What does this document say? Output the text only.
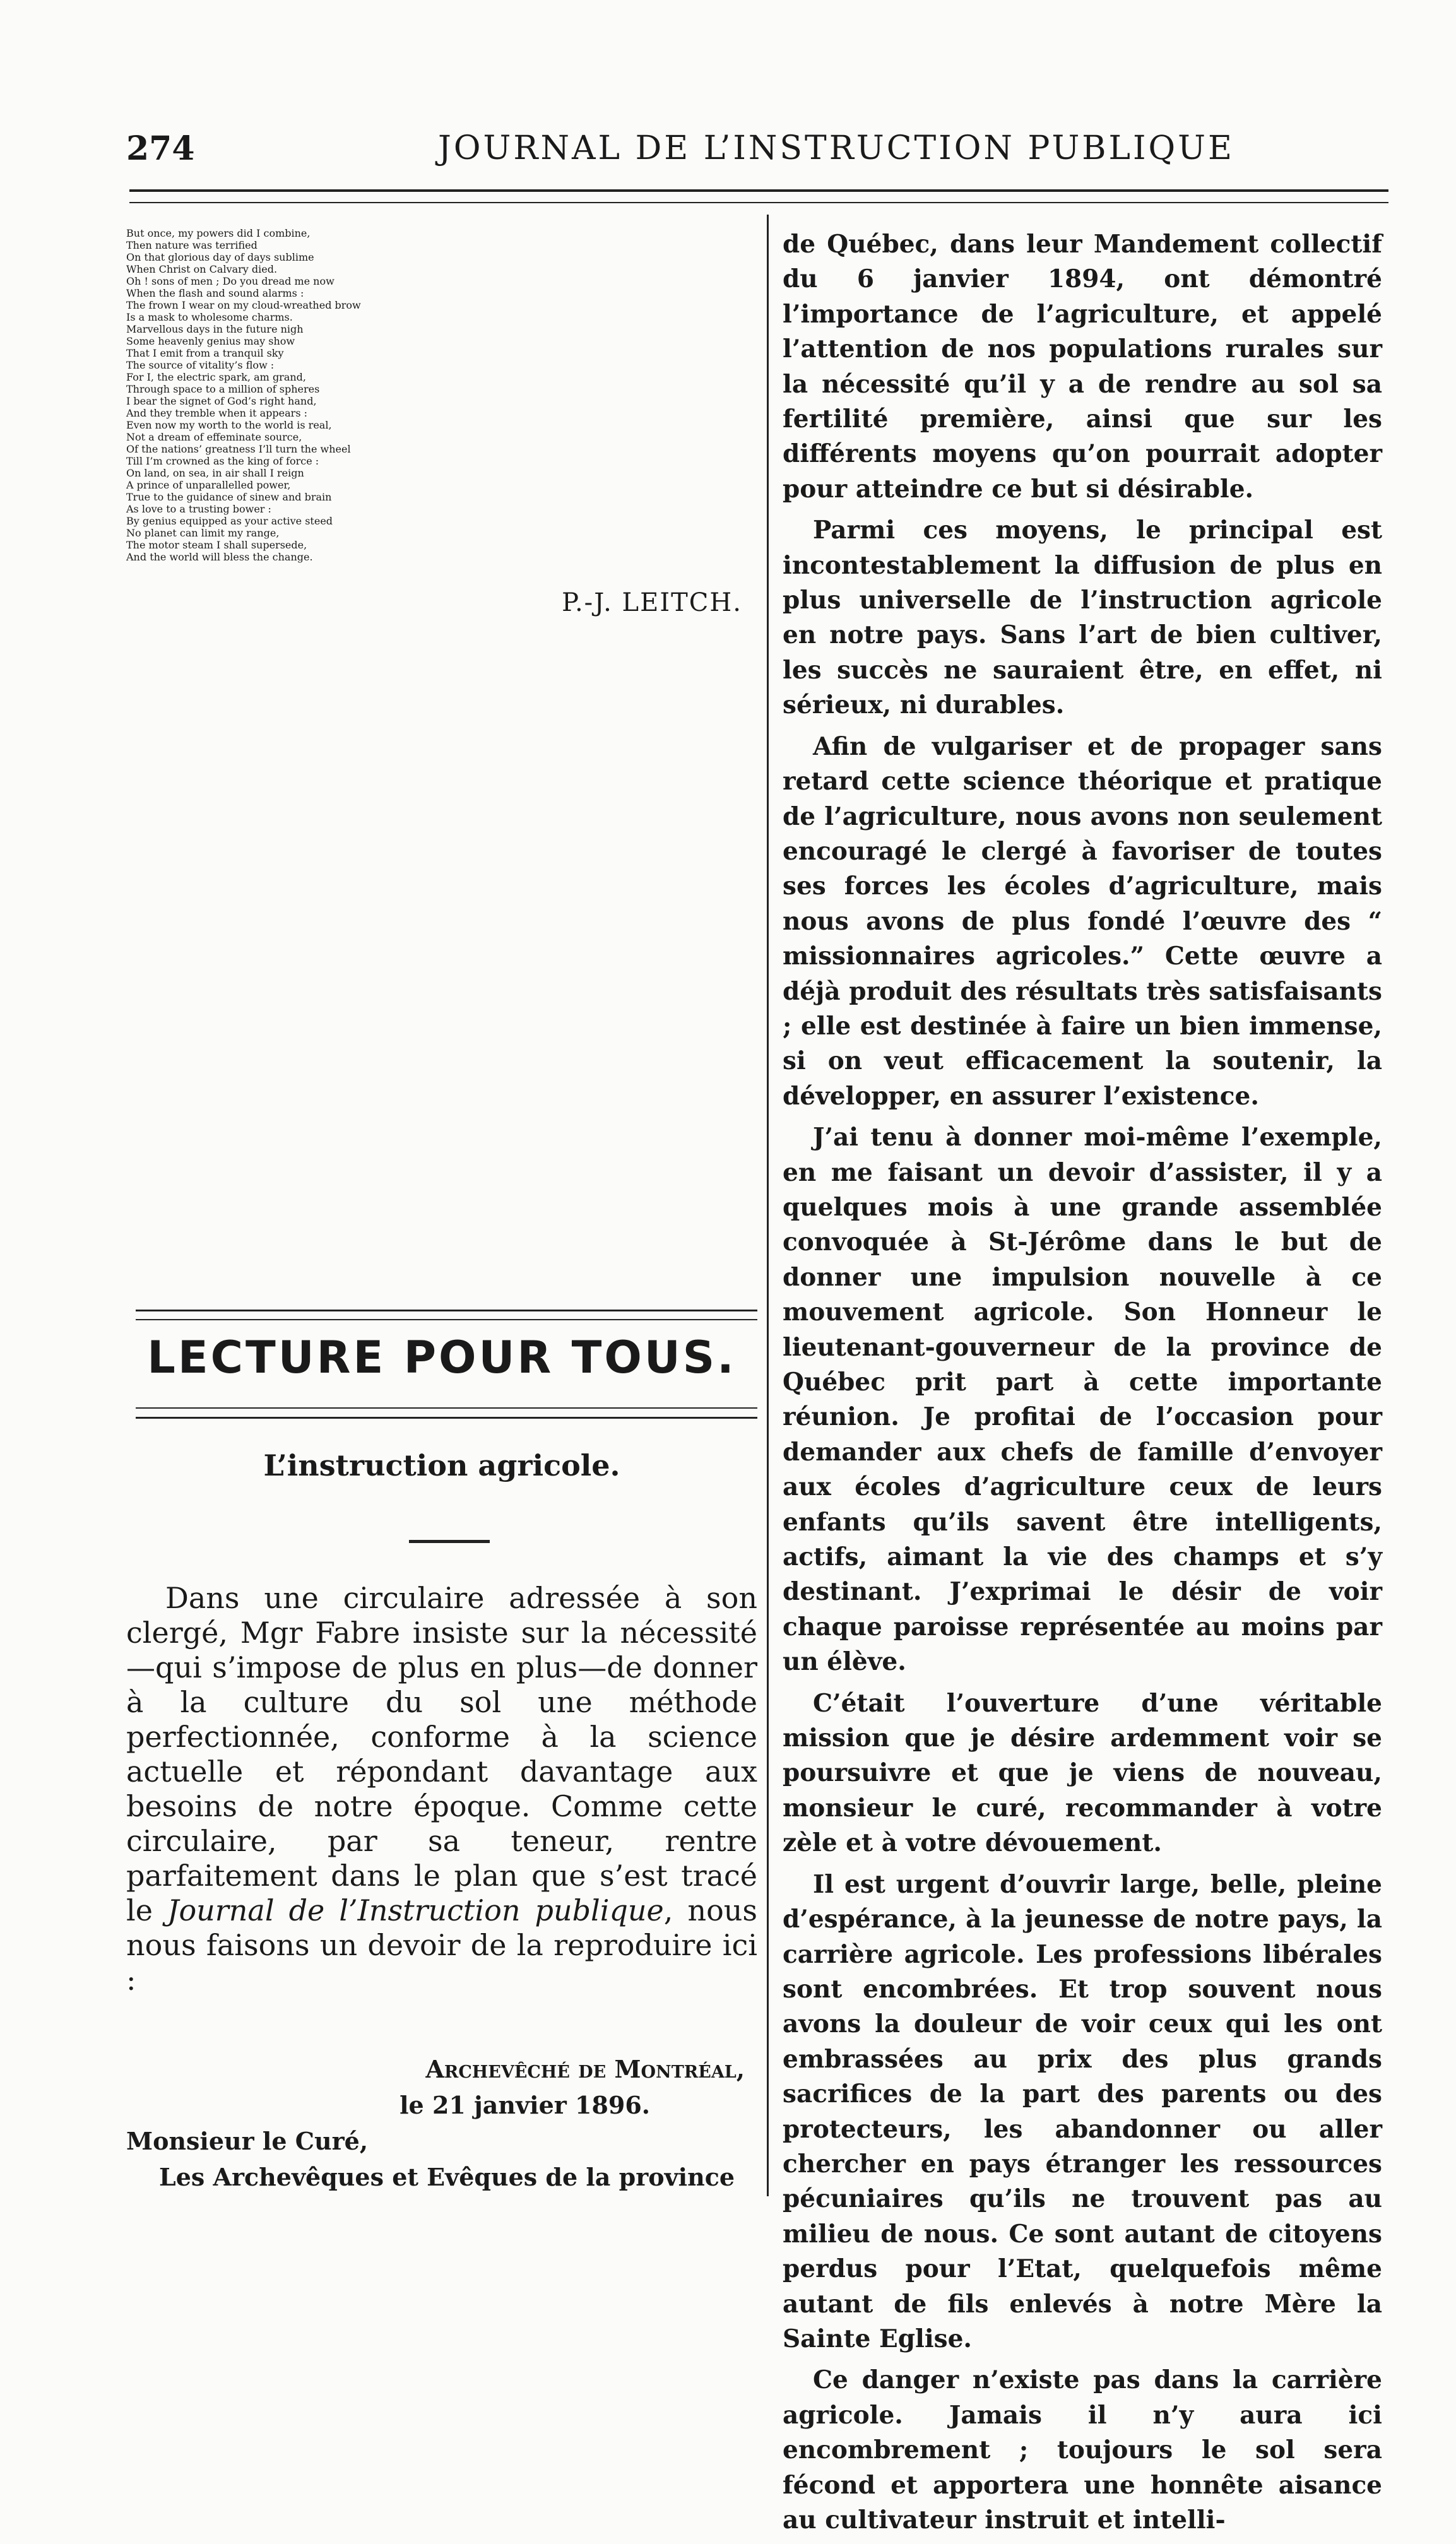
274	JOURNAL DE L’INSTRUCTION PUBLIQUE
But once, my powers did I combine,
Then nature was terrified
On that glorious day of days sublime
When Christ on Calvary died.
Oh ! sons of men ; Do you dread me now
When the flash and sound alarms :
The frown I wear on my cloud-wreathed brow
Is a mask to wholesome charms.
Marvellous days in the future nigh
Some heavenly genius may show
That I emit from a tranquil sky
The source of vitality’s flow :
For I, the electric spark, am grand,
Through space to a million of spheres
I bear the signet of God’s right hand,
And they tremble when it appears :
Even now my worth to the world is real,
Not a dream of effeminate source,
Of the nations’ greatness I’ll turn the wheel
Till I’m crowned as the king of force :
On land, on sea, in air shall I reign
A prince of unparallelled power,
True to the guidance of sinew and brain
As love to a trusting bower :
By genius equipped as your active steed
No planet can limit my range,
The motor steam I shall supersede,
And the world will bless the change.
P.-J. LEITCH.
LECTURE POUR TOUS.
L’instruction agricole.

Dans une circulaire adressée à son clergé, Mgr Fabre insiste sur la nécessité —qui s’impose de plus en plus—de donner à la culture du sol une méthode perfectionnée, conforme à la science actuelle et répondant davantage aux besoins de notre époque. Comme cette circulaire, par sa teneur, rentre parfaitement dans le plan que s’est tracé le Journal de l’Instruction publique, nous nous faisons un devoir de la reproduire ici :

Archevêché de Montréal,
le 21 janvier 1896.
Monsieur le Curé,
Les Archevêques et Evêques de la province

de Québec, dans leur Mandement collectif du 6 janvier 1894, ont démontré l’importance de l’agriculture, et appelé l’attention de nos populations rurales sur la nécessité qu’il y a de rendre au sol sa fertilité première, ainsi que sur les différents moyens qu’on pourrait adopter pour atteindre ce but si désirable.

Parmi ces moyens, le principal est incontestablement la diffusion de plus en plus universelle de l’instruction agricole en notre pays. Sans l’art de bien cultiver, les succès ne sauraient être, en effet, ni sérieux, ni durables.

Afin de vulgariser et de propager sans retard cette science théorique et pratique de l’agriculture, nous avons non seulement encouragé le clergé à favoriser de toutes ses forces les écoles d’agriculture, mais nous avons de plus fondé l’œuvre des “ missionnaires agricoles.” Cette œuvre a déjà produit des résultats très satisfaisants ; elle est destinée à faire un bien immense, si on veut efficacement la soutenir, la développer, en assurer l’existence.

J’ai tenu à donner moi-même l’exemple, en me faisant un devoir d’assister, il y a quelques mois à une grande assemblée convoquée à St-Jérôme dans le but de donner une impulsion nouvelle à ce mouvement agricole. Son Honneur le lieutenant-gouverneur de la province de Québec prit part à cette importante réunion. Je profitai de l’occasion pour demander aux chefs de famille d’envoyer aux écoles d’agriculture ceux de leurs enfants qu’ils savent être intelligents, actifs, aimant la vie des champs et s’y destinant. J’exprimai le désir de voir chaque paroisse représentée au moins par un élève.

C’était l’ouverture d’une véritable mission que je désire ardemment voir se poursuivre et que je viens de nouveau, monsieur le curé, recommander à votre zèle et à votre dévouement.

Il est urgent d’ouvrir large, belle, pleine d’espérance, à la jeunesse de notre pays, la carrière agricole. Les professions libérales sont encombrées. Et trop souvent nous avons la douleur de voir ceux qui les ont embrassées au prix des plus grands sacrifices de la part des parents ou des protecteurs, les abandonner ou aller chercher en pays étranger les ressources pécuniaires qu’ils ne trouvent pas au milieu de nous. Ce sont autant de citoyens perdus pour l’Etat, quelquefois même autant de fils enlevés à notre Mère la Sainte Eglise.

Ce danger n’existe pas dans la carrière agricole. Jamais il n’y aura ici encombrement ; toujours le sol sera fécond et apportera une honnête aisance au cultivateur instruit et intelli-
